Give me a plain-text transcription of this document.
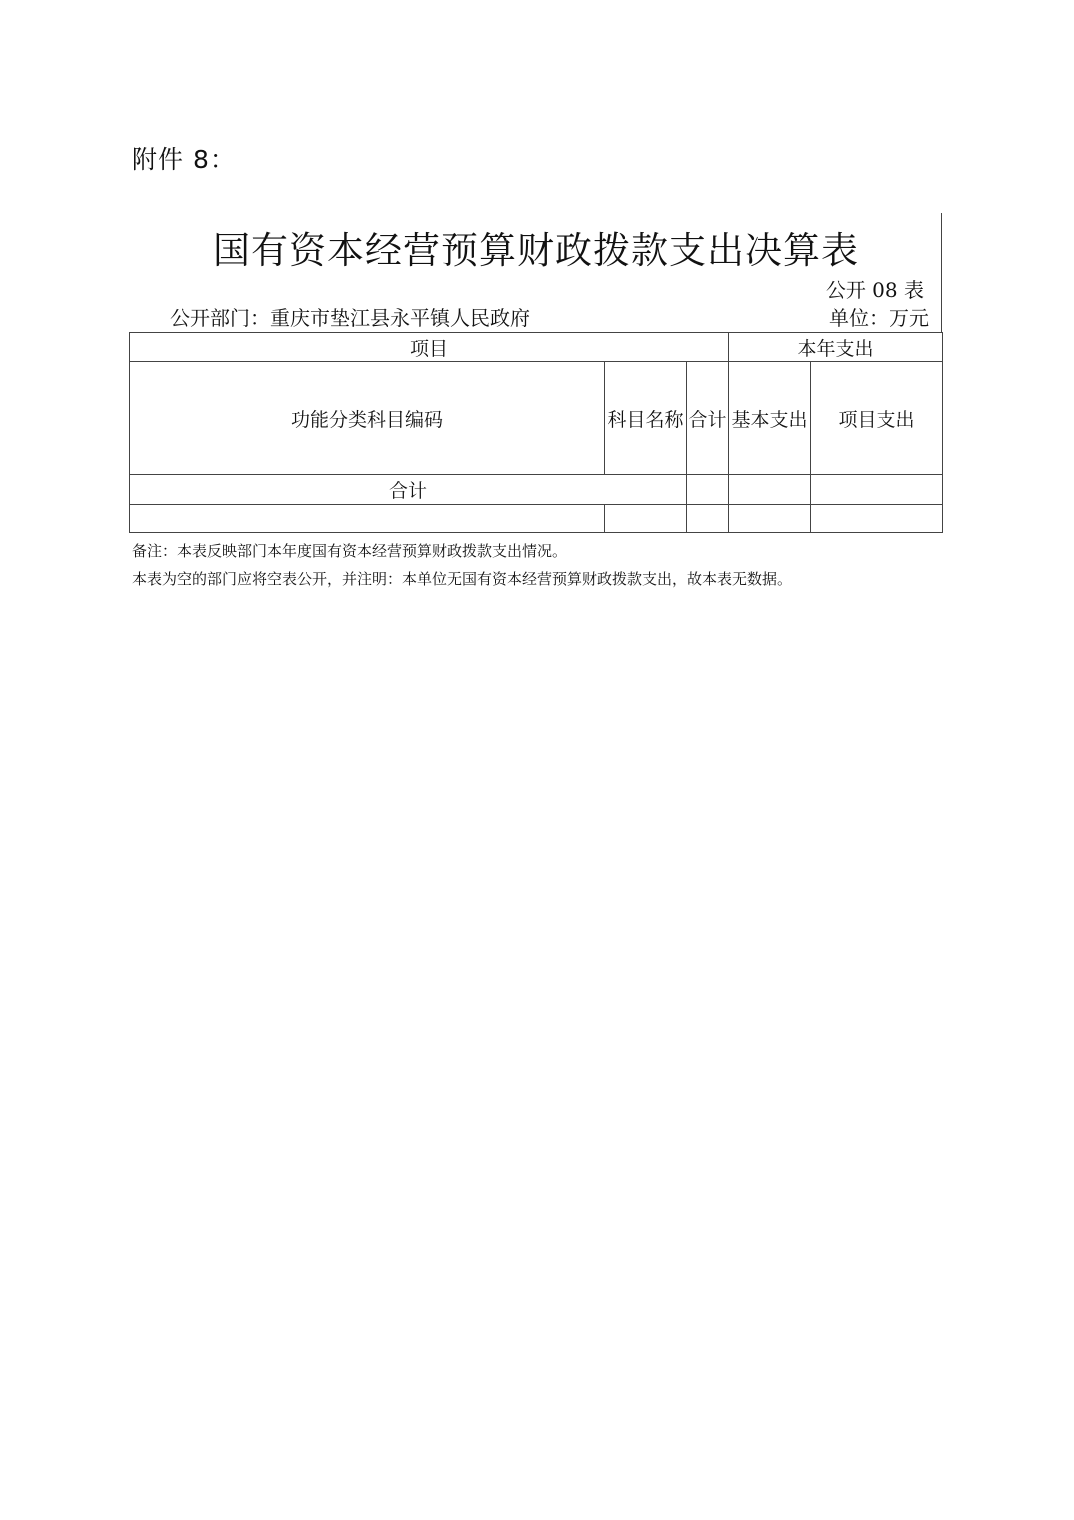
附件 8：
国有资本经营预算财政拨款支出决算表
公开 08 表
公开部门：重庆市垫江县永平镇人民政府	单位：万元
项目			本年支出	
功能分类科目编码	科目名称	合计	基本支出	项目支出
合计				

备注：本表反映部门本年度国有资本经营预算财政拨款支出情况。
本表为空的部门应将空表公开，并注明：本单位无国有资本经营预算财政拨款支出，故本表无数据。
